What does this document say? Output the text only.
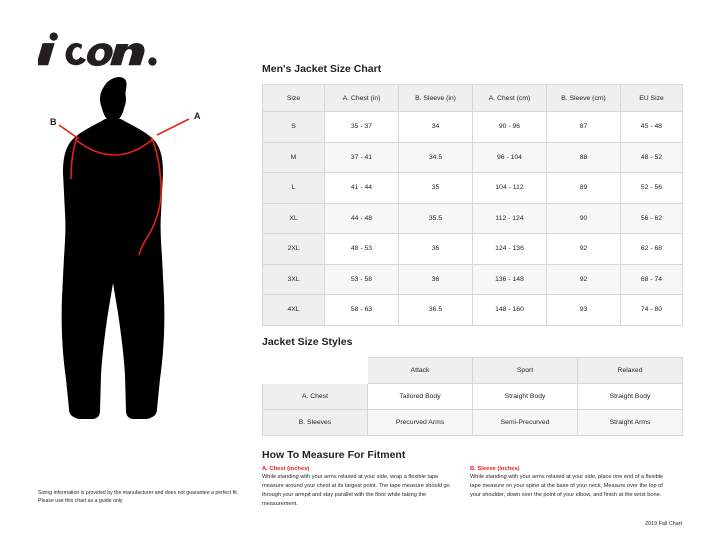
A
B
Sizing information is provided by the manufacturer and does not guarantee a perfect fit. Please use this chart as a guide only
Men's Jacket Size Chart
Size	A. Chest (in)	B. Sleeve (in)	A. Chest (cm)	B. Sleeve (cm)	EU Size
S	35 - 37	34	90 - 96	87	45 - 48
M	37 - 41	34.5	96 - 104	88	48 - 52
L	41 - 44	35	104 - 112	89	52 - 56
XL	44 - 48	35.5	112 - 124	90	56 - 62
2XL	48 - 53	36	124 - 136	92	62 - 68
3XL	53 - 58	36	136 - 148	92	68 - 74
4XL	58 - 63	36.5	148 - 160	93	74 - 80
Jacket Size Styles
	Attack	Sport	Relaxed
A. Chest	Tailored Body	Straight Body	Straight Body
B. Sleeves	Precurved Arms	Semi-Precurved	Straight Arms
How To Measure For Fitment
A. Chest (inches)
While standing with your arms relaxed at your side, wrap a flexible tape measure around your chest at its largest point. The tape measure should go through your armpit and stay parallel with the floor while taking the measurement.
B. Sleeve (inches)
While standing with your arms relaxed at your side, place one end of a flexible tape measure on your spine at the base of your neck, Measure over the top of your shoulder, down over the point of your elbow, and finish at the wrist bone.
2019 Fall Chart
